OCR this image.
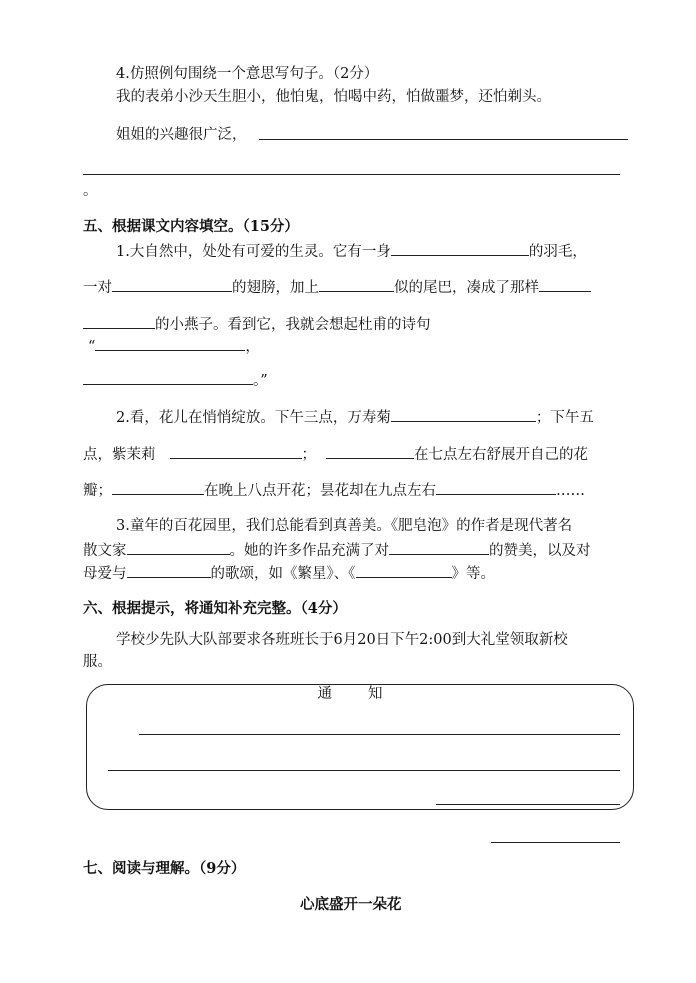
4.仿照例句围绕一个意思写句子。（2分）
我的表弟小沙天生胆小，他怕鬼，怕喝中药，怕做噩梦，还怕剃头。
姐姐的兴趣很广泛，
。
五、根据课文内容填空。（15分）
1.大自然中，处处有可爱的生灵。它有一身	的羽毛，
一对	的翅膀，加上	似的尾巴，凑成了那样
的小燕子。看到它，我就会想起杜甫的诗句
“	，
。”
2.看，花儿在悄悄绽放。下午三点，万寿菊	；下午五
点，紫茉莉	；	在七点左右舒展开自己的花
瓣；	在晚上八点开花；昙花却在九点左右	……
3.童年的百花园里，我们总能看到真善美。《肥皂泡》的作者是现代著名
散文家	。她的许多作品充满了对	的赞美，以及对
母爱与	的歌颂，如《繁星》、《	》等。
六、根据提示，将通知补充完整。（4分）
学校少先队大队部要求各班班长于6月20日下午2:00到大礼堂领取新校
服。
通知
七、阅读与理解。（9分）
心底盛开一朵花
